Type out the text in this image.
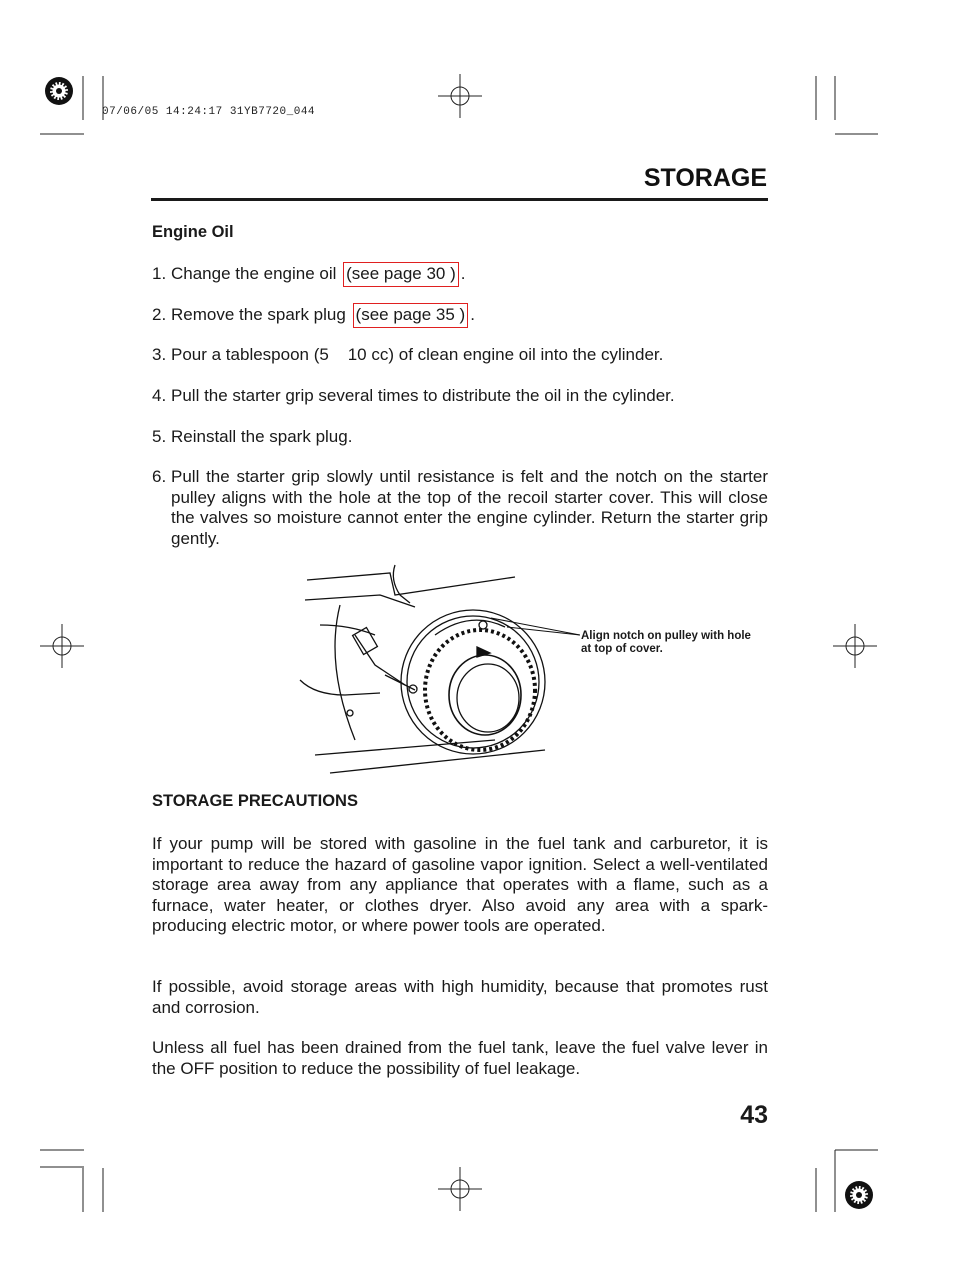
07/06/05 14:24:17 31YB7720_044
STORAGE
Engine Oil
1. Change the engine oil (see page 30 ) .
2. Remove the spark plug (see page 35 ) .
3. Pour a tablespoon (5    10 cc) of clean engine oil into the cylinder.
4. Pull the starter grip several times to distribute the oil in the cylinder.
5. Reinstall the spark plug.
6. Pull the starter grip slowly until resistance is felt and the notch on the starter pulley aligns with the hole at the top of the recoil starter cover. This will close the valves so moisture cannot enter the engine cylinder. Return the starter grip gently.
Align notch on pulley with hole at top of cover.
STORAGE PRECAUTIONS
If your pump will be stored with gasoline in the fuel tank and carburetor, it is important to reduce the hazard of gasoline vapor ignition. Select a well-ventilated storage area away from any appliance that operates with a flame, such as a furnace, water heater, or clothes dryer. Also avoid any area with a spark-producing electric motor, or where power tools are operated.
If possible, avoid storage areas with high humidity, because that promotes rust and corrosion.
Unless all fuel has been drained from the fuel tank, leave the fuel valve lever in the OFF position to reduce the possibility of fuel leakage.
43
